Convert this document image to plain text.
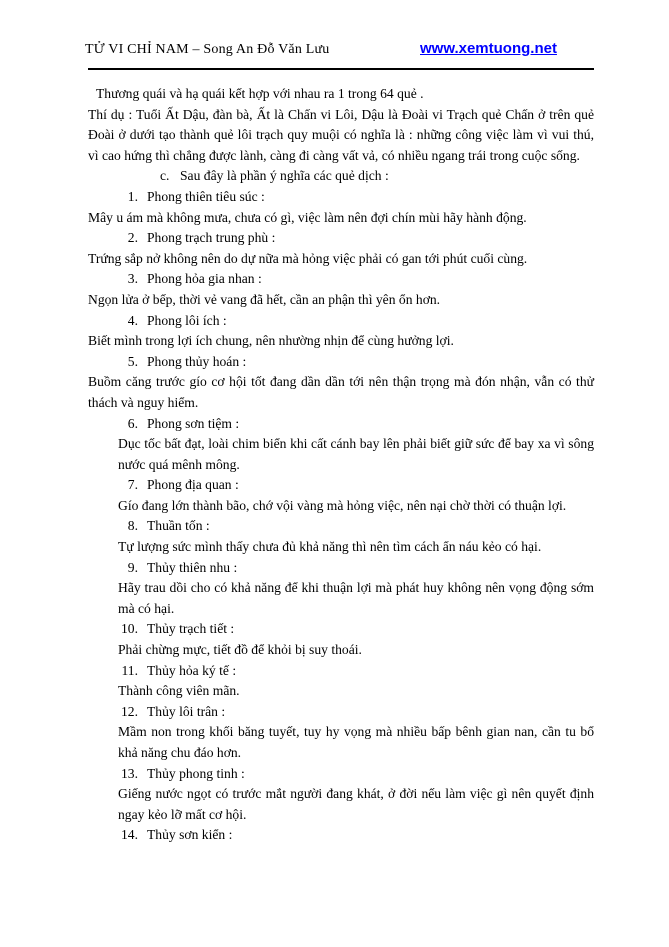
TỬ VI CHỈ NAM – Song An Đỗ Văn Lưu	www.xemtuong.net

Thương quái và hạ quái kết hợp với nhau ra 1 trong 64 quẻ .

Thí dụ : Tuổi Ất Dậu, đàn bà, Ất là Chấn vi Lôi, Dậu là Đoài vi Trạch quẻ Chấn ở trên quẻ Đoài ở dưới tạo thành quẻ lôi trạch quy muội có nghĩa là : những công việc làm vì vui thú, vì cao hứng thì chẳng được lành, càng đi càng vất vả, có nhiều ngang trái trong cuộc sống.

c. Sau đây là phần ý nghĩa các quẻ dịch :

1. Phong thiên tiêu súc :

Mây u ám mà không mưa, chưa có gì, việc làm nên đợi chín mùi hãy hành động.

2. Phong trạch trung phù :

Trứng sắp nở không nên do dự nữa mà hỏng việc phải có gan tới phút cuối cùng.

3. Phong hỏa gia nhan :

Ngọn lửa ở bếp, thời vẻ vang đã hết, cần an phận thì yên ổn hơn.

4. Phong lôi ích :

Biết mình trong lợi ích chung, nên nhường nhịn để cùng hưởng lợi.

5. Phong thủy hoán :

Buồm căng trước gío cơ hội tốt đang dần dần tới nên thận trọng mà đón nhận, vẫn có thử thách và nguy hiểm.

6. Phong sơn tiệm :

Dục tốc bất đạt, loài chim biển khi cất cánh bay lên phải biết giữ sức để bay xa vì sông nước quá mênh mông.

7. Phong địa quan :

Gío đang lớn thành bão, chớ vội vàng mà hỏng việc, nên nại chờ thời có thuận lợi.

8. Thuần tốn :

Tự lượng sức mình thấy chưa đủ khả năng thì nên tìm cách ẩn náu kẻo có hại.

9. Thủy thiên nhu :

Hãy trau dồi cho có khả năng để khi thuận lợi mà phát huy không nên vọng động sớm mà có hại.

10. Thủy trạch tiết :

Phải chừng mực, tiết đồ để khỏi bị suy thoái.

11. Thủy hỏa ký tế :

Thành công viên mãn.

12. Thủy lôi trân :

Mầm non trong khối băng tuyết, tuy hy vọng mà nhiều bấp bênh gian nan, cần tu bổ khả năng chu đáo hơn.

13. Thủy phong tinh :

Giếng nước ngọt có trước mắt người đang khát, ở đời nếu làm việc gì nên quyết định ngay kẻo lỡ mất cơ hội.

14. Thủy sơn kiển :
